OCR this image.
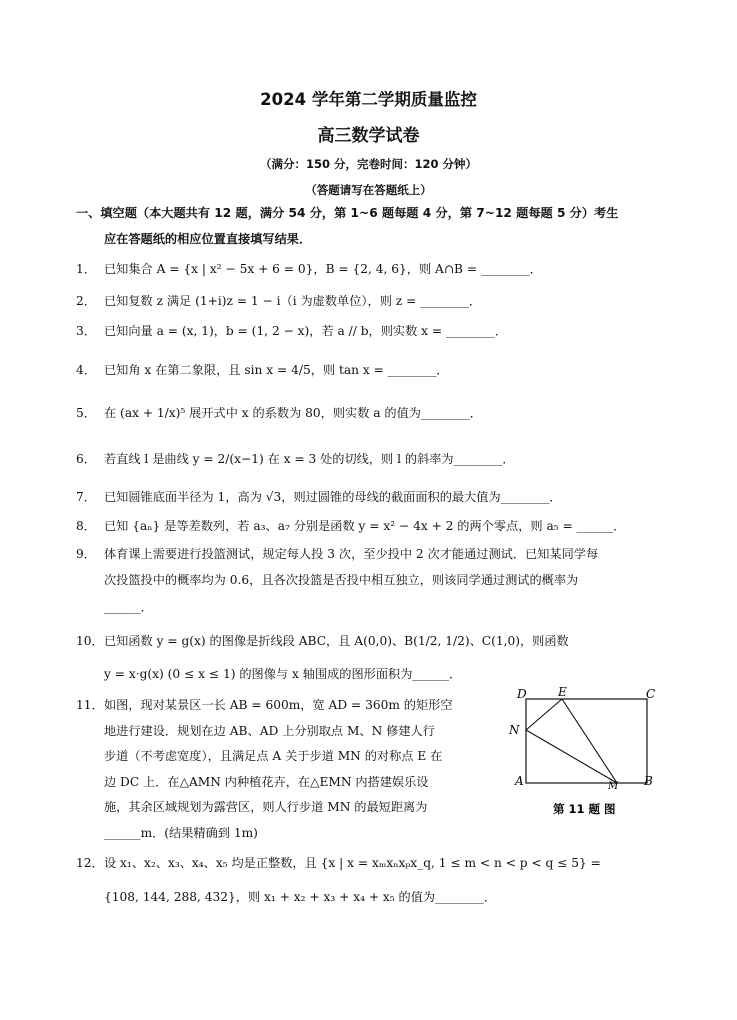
2024 学年第二学期质量监控
高三数学试卷
（满分：150 分，完卷时间：120 分钟）
（答题请写在答题纸上）
一、填空题（本大题共有 12 题，满分 54 分，第 1~6 题每题 4 分，第 7~12 题每题 5 分）考生
应在答题纸的相应位置直接填写结果．
1． 已知集合 A = {x | x² − 5x + 6 = 0}，B = {2, 4, 6}，则 A∩B = ________．
2． 已知复数 z 满足 (1+i)z = 1 − i（i 为虚数单位），则 z = ________．
3． 已知向量 a = (x, 1)，b = (1, 2 − x)，若 a // b，则实数 x = ________．
4． 已知角 x 在第二象限，且 sin x = 4/5，则 tan x = ________．
5． 在 (ax + 1/x)⁵ 展开式中 x 的系数为 80，则实数 a 的值为________．
6． 若直线 l 是曲线 y = 2/(x−1) 在 x = 3 处的切线，则 l 的斜率为________．
7． 已知圆锥底面半径为 1，高为 √3，则过圆锥的母线的截面面积的最大值为________．
8． 已知 {aₙ} 是等差数列，若 a₃、a₇ 分别是函数 y = x² − 4x + 2 的两个零点，则 a₅ = ______．
9． 体育课上需要进行投篮测试，规定每人投 3 次，至少投中 2 次才能通过测试．已知某同学每
次投篮投中的概率均为 0.6，且各次投篮是否投中相互独立，则该同学通过测试的概率为
______．
10．已知函数 y = g(x) 的图像是折线段 ABC，且 A(0,0)、B(1/2, 1/2)、C(1,0)，则函数
y = x·g(x) (0 ≤ x ≤ 1) 的图像与 x 轴围成的图形面积为______．
11． 如图，现对某景区一长 AB = 600m，宽 AD = 360m 的矩形空
地进行建设．规划在边 AB、AD 上分别取点 M、N 修建人行
步道（不考虑宽度），且满足点 A 关于步道 MN 的对称点 E 在
边 DC 上．在△AMN 内种植花卉，在△EMN 内搭建娱乐设
施，其余区域规划为露营区，则人行步道 MN 的最短距离为
______m．(结果精确到 1m)
D	E	C
N
A	M B
第 11 题 图
12．设 x₁、x₂、x₃、x₄、x₅ 均是正整数，且 {x | x = xₘxₙxₚx_q, 1 ≤ m < n < p < q ≤ 5} =
{108, 144, 288, 432}，则 x₁ + x₂ + x₃ + x₄ + x₅ 的值为________．
